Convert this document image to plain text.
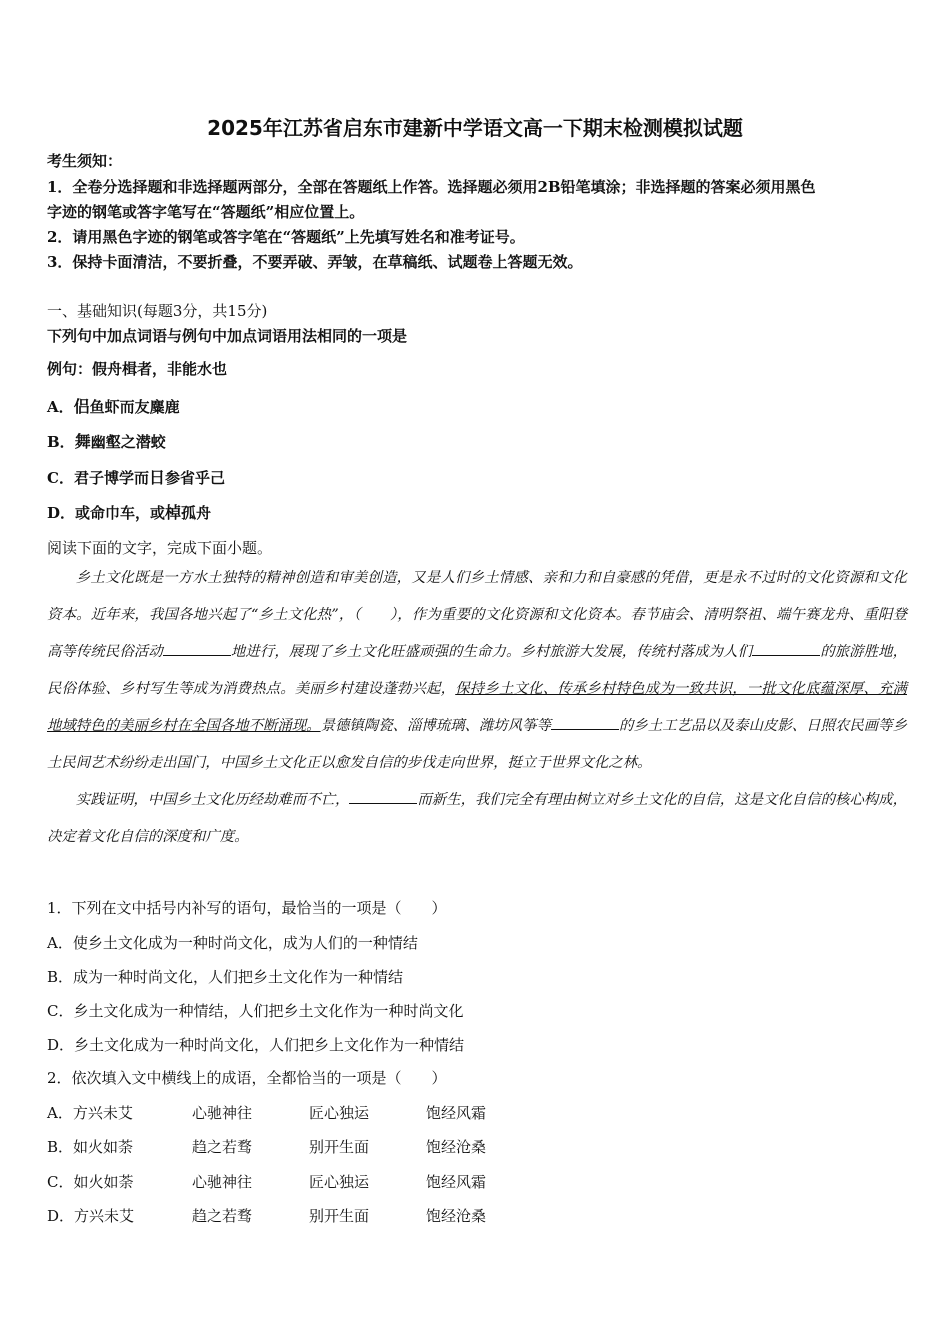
2025年江苏省启东市建新中学语文高一下期末检测模拟试题
考生须知：
1．全卷分选择题和非选择题两部分，全部在答题纸上作答。选择题必须用2B铅笔填涂；非选择题的答案必须用黑色
字迹的钢笔或答字笔写在“答题纸”相应位置上。
2．请用黑色字迹的钢笔或答字笔在“答题纸”上先填写姓名和准考证号。
3．保持卡面清洁，不要折叠，不要弄破、弄皱，在草稿纸、试题卷上答题无效。
一、基础知识(每题3分，共15分)
下列句中加点词语与例句中加点词语用法相同的一项是
例句：假舟楫者，非能水也
A．侣鱼虾而友麋鹿
B．舞幽壑之潜蛟
C．君子博学而日参省乎己
D．或命巾车，或棹孤舟
阅读下面的文字，完成下面小题。

乡土文化既是一方水土独特的精神创造和审美创造，又是人们乡土情感、亲和力和自豪感的凭借，更是永不过时的文化资源和文化资本。近年来，我国各地兴起了“乡土文化热”，（　　），作为重要的文化资源和文化资本。春节庙会、清明祭祖、端午赛龙舟、重阳登高等传统民俗活动	地进行，展现了乡土文化旺盛顽强的生命力。乡村旅游大发展，传统村落成为人们	的旅游胜地，民俗体验、乡村写生等成为消费热点。美丽乡村建设蓬勃兴起，保持乡土文化、传承乡村特色成为一致共识，一批文化底蕴深厚、充满地域特色的美丽乡村在全国各地不断涌现。景德镇陶瓷、淄博琉璃、潍坊风筝等	的乡土工艺品以及泰山皮影、日照农民画等乡土民间艺术纷纷走出国门，中国乡土文化正以愈发自信的步伐走向世界，挺立于世界文化之林。

实践证明，中国乡土文化历经劫难而不亡，	而新生，我们完全有理由树立对乡土文化的自信，这是文化自信的核心构成，决定着文化自信的深度和广度。

1．下列在文中括号内补写的语句，最恰当的一项是（　　）
A．使乡土文化成为一种时尚文化，成为人们的一种情结
B．成为一种时尚文化，人们把乡土文化作为一种情结
C．乡土文化成为一种情结，人们把乡土文化作为一种时尚文化
D．乡土文化成为一种时尚文化，人们把乡上文化作为一种情结
2．依次填入文中横线上的成语，全都恰当的一项是（　　）
A．方兴未艾	心驰神往	匠心独运	饱经风霜
B．如火如荼	趋之若骛	别开生面	饱经沧桑
C．如火如荼	心驰神往	匠心独运	饱经风霜
D．方兴未艾	趋之若骛	别开生面	饱经沧桑
